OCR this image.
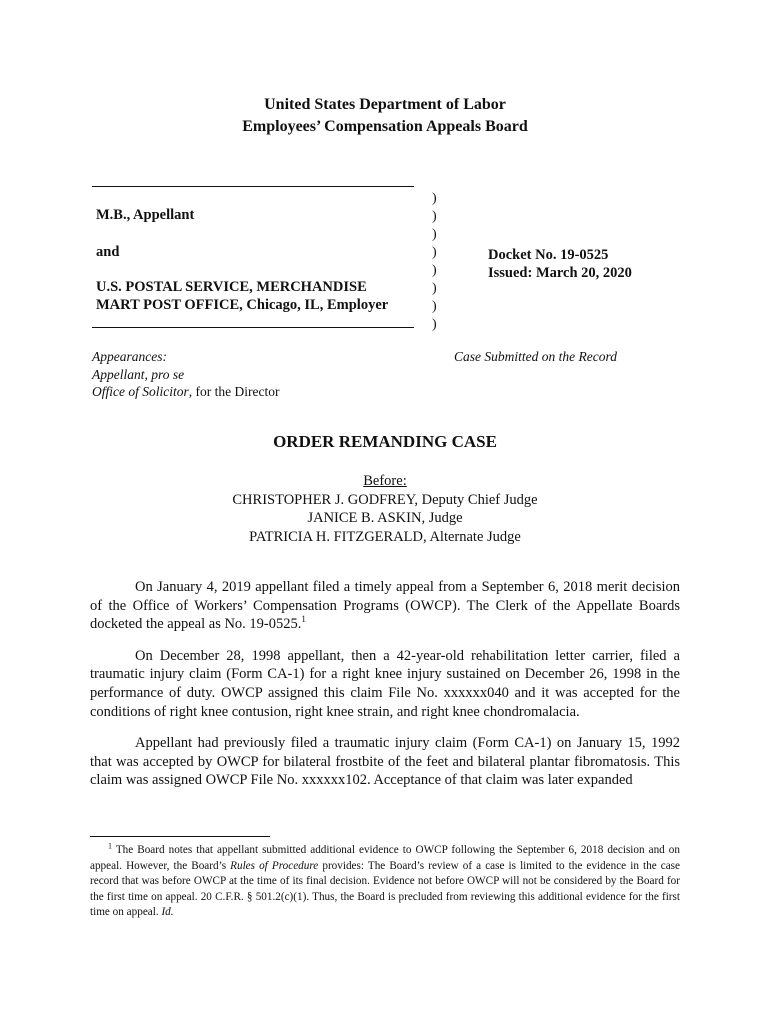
United States Department of Labor
Employees’ Compensation Appeals Board
M.B., Appellant
and
U.S. POSTAL SERVICE, MERCHANDISE
MART POST OFFICE, Chicago, IL, Employer
)
)
)
)
)
)
)
)
Docket No. 19-0525
Issued: March 20, 2020
Appearances:
Appellant, pro se
Office of Solicitor, for the Director
Case Submitted on the Record
ORDER REMANDING CASE
Before:
CHRISTOPHER J. GODFREY, Deputy Chief Judge
JANICE B. ASKIN, Judge
PATRICIA H. FITZGERALD, Alternate Judge

On January 4, 2019 appellant filed a timely appeal from a September 6, 2018 merit decision of the Office of Workers’ Compensation Programs (OWCP). The Clerk of the Appellate Boards docketed the appeal as No. 19-0525.$^1$

On December 28, 1998 appellant, then a 42-year-old rehabilitation letter carrier, filed a traumatic injury claim (Form CA-1) for a right knee injury sustained on December 26, 1998 in the performance of duty. OWCP assigned this claim File No. xxxxxx040 and it was accepted for the conditions of right knee contusion, right knee strain, and right knee chondromalacia.

Appellant had previously filed a traumatic injury claim (Form CA-1) on January 15, 1992 that was accepted by OWCP for bilateral frostbite of the feet and bilateral plantar fibromatosis. This claim was assigned OWCP File No. xxxxxx102. Acceptance of that claim was later expanded

$^1$ The Board notes that appellant submitted additional evidence to OWCP following the September 6, 2018 decision and on appeal. However, the Board’s Rules of Procedure provides: The Board’s review of a case is limited to the evidence in the case record that was before OWCP at the time of its final decision. Evidence not before OWCP will not be considered by the Board for the first time on appeal. 20 C.F.R. § 501.2(c)(1). Thus, the Board is precluded from reviewing this additional evidence for the first time on appeal. Id.
